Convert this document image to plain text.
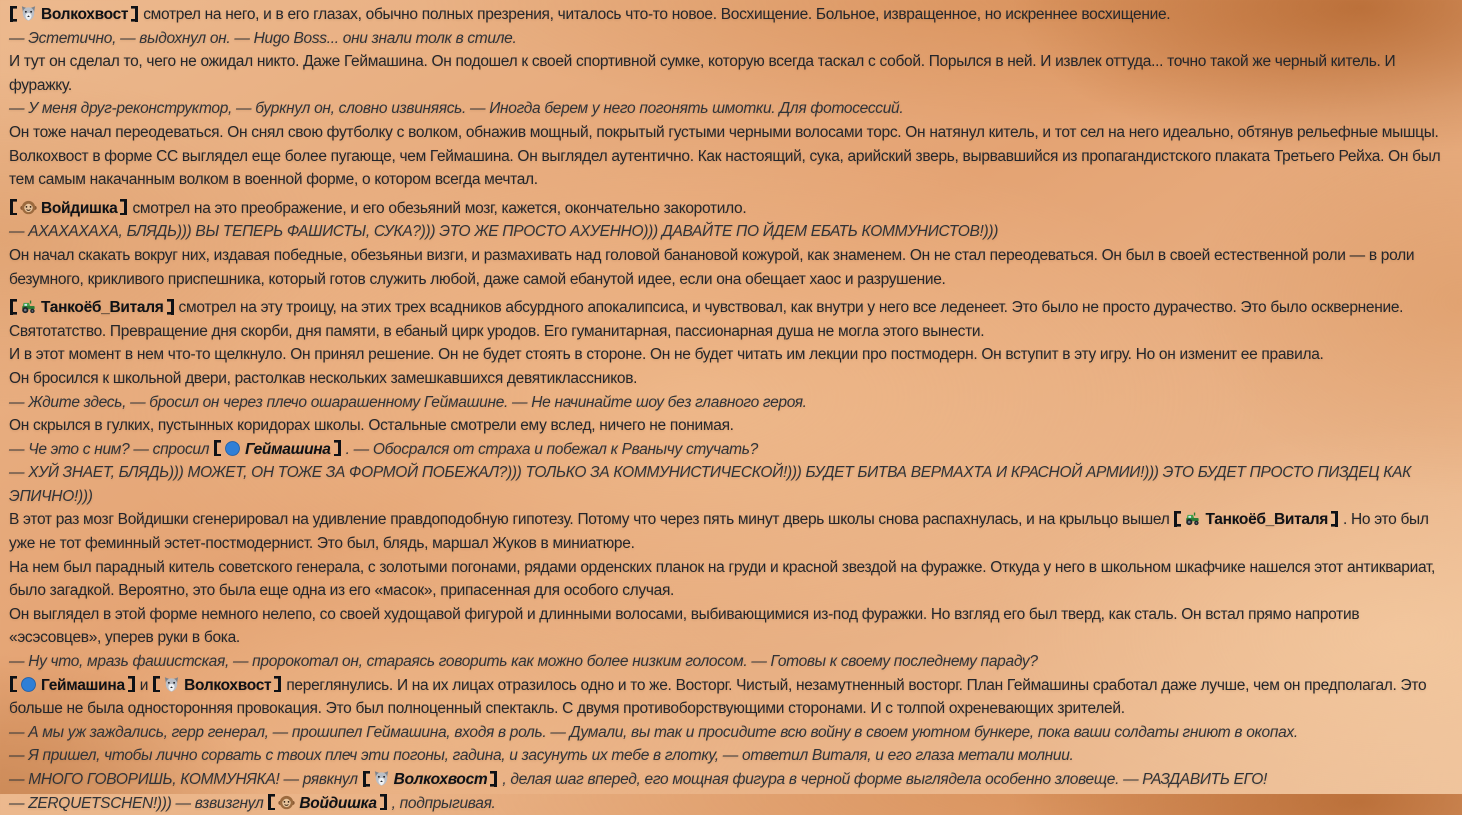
Волкохвост смотрел на него, и в его глазах, обычно полных презрения, читалось что-то новое. Восхищение. Больное, извращенное, но искреннее восхищение.

— Эстетично, — выдохнул он. — Hugo Boss... они знали толк в стиле.

И тут он сделал то, чего не ожидал никто. Даже Геймашина. Он подошел к своей спортивной сумке, которую всегда таскал с собой. Порылся в ней. И извлек оттуда... точно такой же черный китель. И фуражку.

— У меня друг-реконструктор, — буркнул он, словно извиняясь. — Иногда берем у него погонять шмотки. Для фотосессий.

Он тоже начал переодеваться. Он снял свою футболку с волком, обнажив мощный, покрытый густыми черными волосами торс. Он натянул китель, и тот сел на него идеально, обтянув рельефные мышцы. Волкохвост в форме СС выглядел еще более пугающе, чем Геймашина. Он выглядел аутентично. Как настоящий, сука, арийский зверь, вырвавшийся из пропагандистского плаката Третьего Рейха. Он был тем самым накачанным волком в военной форме, о котором всегда мечтал.

Войдишка смотрел на это преображение, и его обезьяний мозг, кажется, окончательно закоротило.

— АХАХАХАХА, БЛЯДЬ))) ВЫ ТЕПЕРЬ ФАШИСТЫ, СУКА?))) ЭТО ЖЕ ПРОСТО АХУЕННО))) ДАВАЙТЕ ПО ЙДЕМ ЕБАТЬ КОММУНИСТОВ!)))

Он начал скакать вокруг них, издавая победные, обезьяньи визги, и размахивать над головой банановой кожурой, как знаменем. Он не стал переодеваться. Он был в своей естественной роли — в роли безумного, крикливого приспешника, который готов служить любой, даже самой ебанутой идее, если она обещает хаос и разрушение.

Танкоёб_Виталя смотрел на эту троицу, на этих трех всадников абсурдного апокалипсиса, и чувствовал, как внутри у него все леденеет. Это было не просто дурачество. Это было осквернение. Святотатство. Превращение дня скорби, дня памяти, в ебаный цирк уродов. Его гуманитарная, пассионарная душа не могла этого вынести.

И в этот момент в нем что-то щелкнуло. Он принял решение. Он не будет стоять в стороне. Он не будет читать им лекции про постмодерн. Он вступит в эту игру. Но он изменит ее правила.

Он бросился к школьной двери, растолкав нескольких замешкавшихся девятиклассников.

— Ждите здесь, — бросил он через плечо ошарашенному Геймашине. — Не начинайте шоу без главного героя.

Он скрылся в гулких, пустынных коридорах школы. Остальные смотрели ему вслед, ничего не понимая.

— Че это с ним? — спросил
Геймашина . — Обосрался от страха и побежал к Рванычу стучать?

— ХУЙ ЗНАЕТ, БЛЯДЬ))) МОЖЕТ, ОН ТОЖЕ ЗА ФОРМОЙ ПОБЕЖАЛ?))) ТОЛЬКО ЗА КОММУНИСТИЧЕСКОЙ!))) БУДЕТ БИТВА ВЕРМАХТА И КРАСНОЙ АРМИИ!))) ЭТО БУДЕТ ПРОСТО ПИЗДЕЦ КАК ЭПИЧНО!)))

В этот раз мозг Войдишки сгенерировал на удивление правдоподобную гипотезу. Потому что через пять минут дверь школы снова распахнулась, и на крыльцо вышел
Танкоёб_Виталя . Но это был уже не тот феминный эстет-постмодернист. Это был, блядь, маршал Жуков в миниатюре.

На нем был парадный китель советского генерала, с золотыми погонами, рядами орденских планок на груди и красной звездой на фуражке. Откуда у него в школьном шкафчике нашелся этот антиквариат, было загадкой. Вероятно, это была еще одна из его «масок», припасенная для особого случая.

Он выглядел в этой форме немного нелепо, со своей худощавой фигурой и длинными волосами, выбивающимися из-под фуражки. Но взгляд его был тверд, как сталь. Он встал прямо напротив «эсэсовцев», уперев руки в бока.

— Ну что, мразь фашистская, — пророкотал он, стараясь говорить как можно более низким голосом. — Готовы к своему последнему параду?

Геймашина и
Волкохвост переглянулись. И на их лицах отразилось одно и то же. Восторг. Чистый, незамутненный восторг. План Геймашины сработал даже лучше, чем он предполагал. Это больше не была односторонняя провокация. Это был полноценный спектакль. С двумя противоборствующими сторонами. И с толпой охреневающих зрителей.

— А мы уж заждались, герр генерал, — прошипел Геймашина, входя в роль. — Думали, вы так и просидите всю войну в своем уютном бункере, пока ваши солдаты гниют в окопах.

— Я пришел, чтобы лично сорвать с твоих плеч эти погоны, гадина, и засунуть их тебе в глотку, — ответил Виталя, и его глаза метали молнии.

— МНОГО ГОВОРИШЬ, КОММУНЯКА! — рявкнул
Волкохвост , делая шаг вперед, его мощная фигура в черной форме выглядела особенно зловеще. — РАЗДАВИТЬ ЕГО!

— ZERQUETSCHEN!))) — взвизгнул
Войдишка , подпрыгивая.
